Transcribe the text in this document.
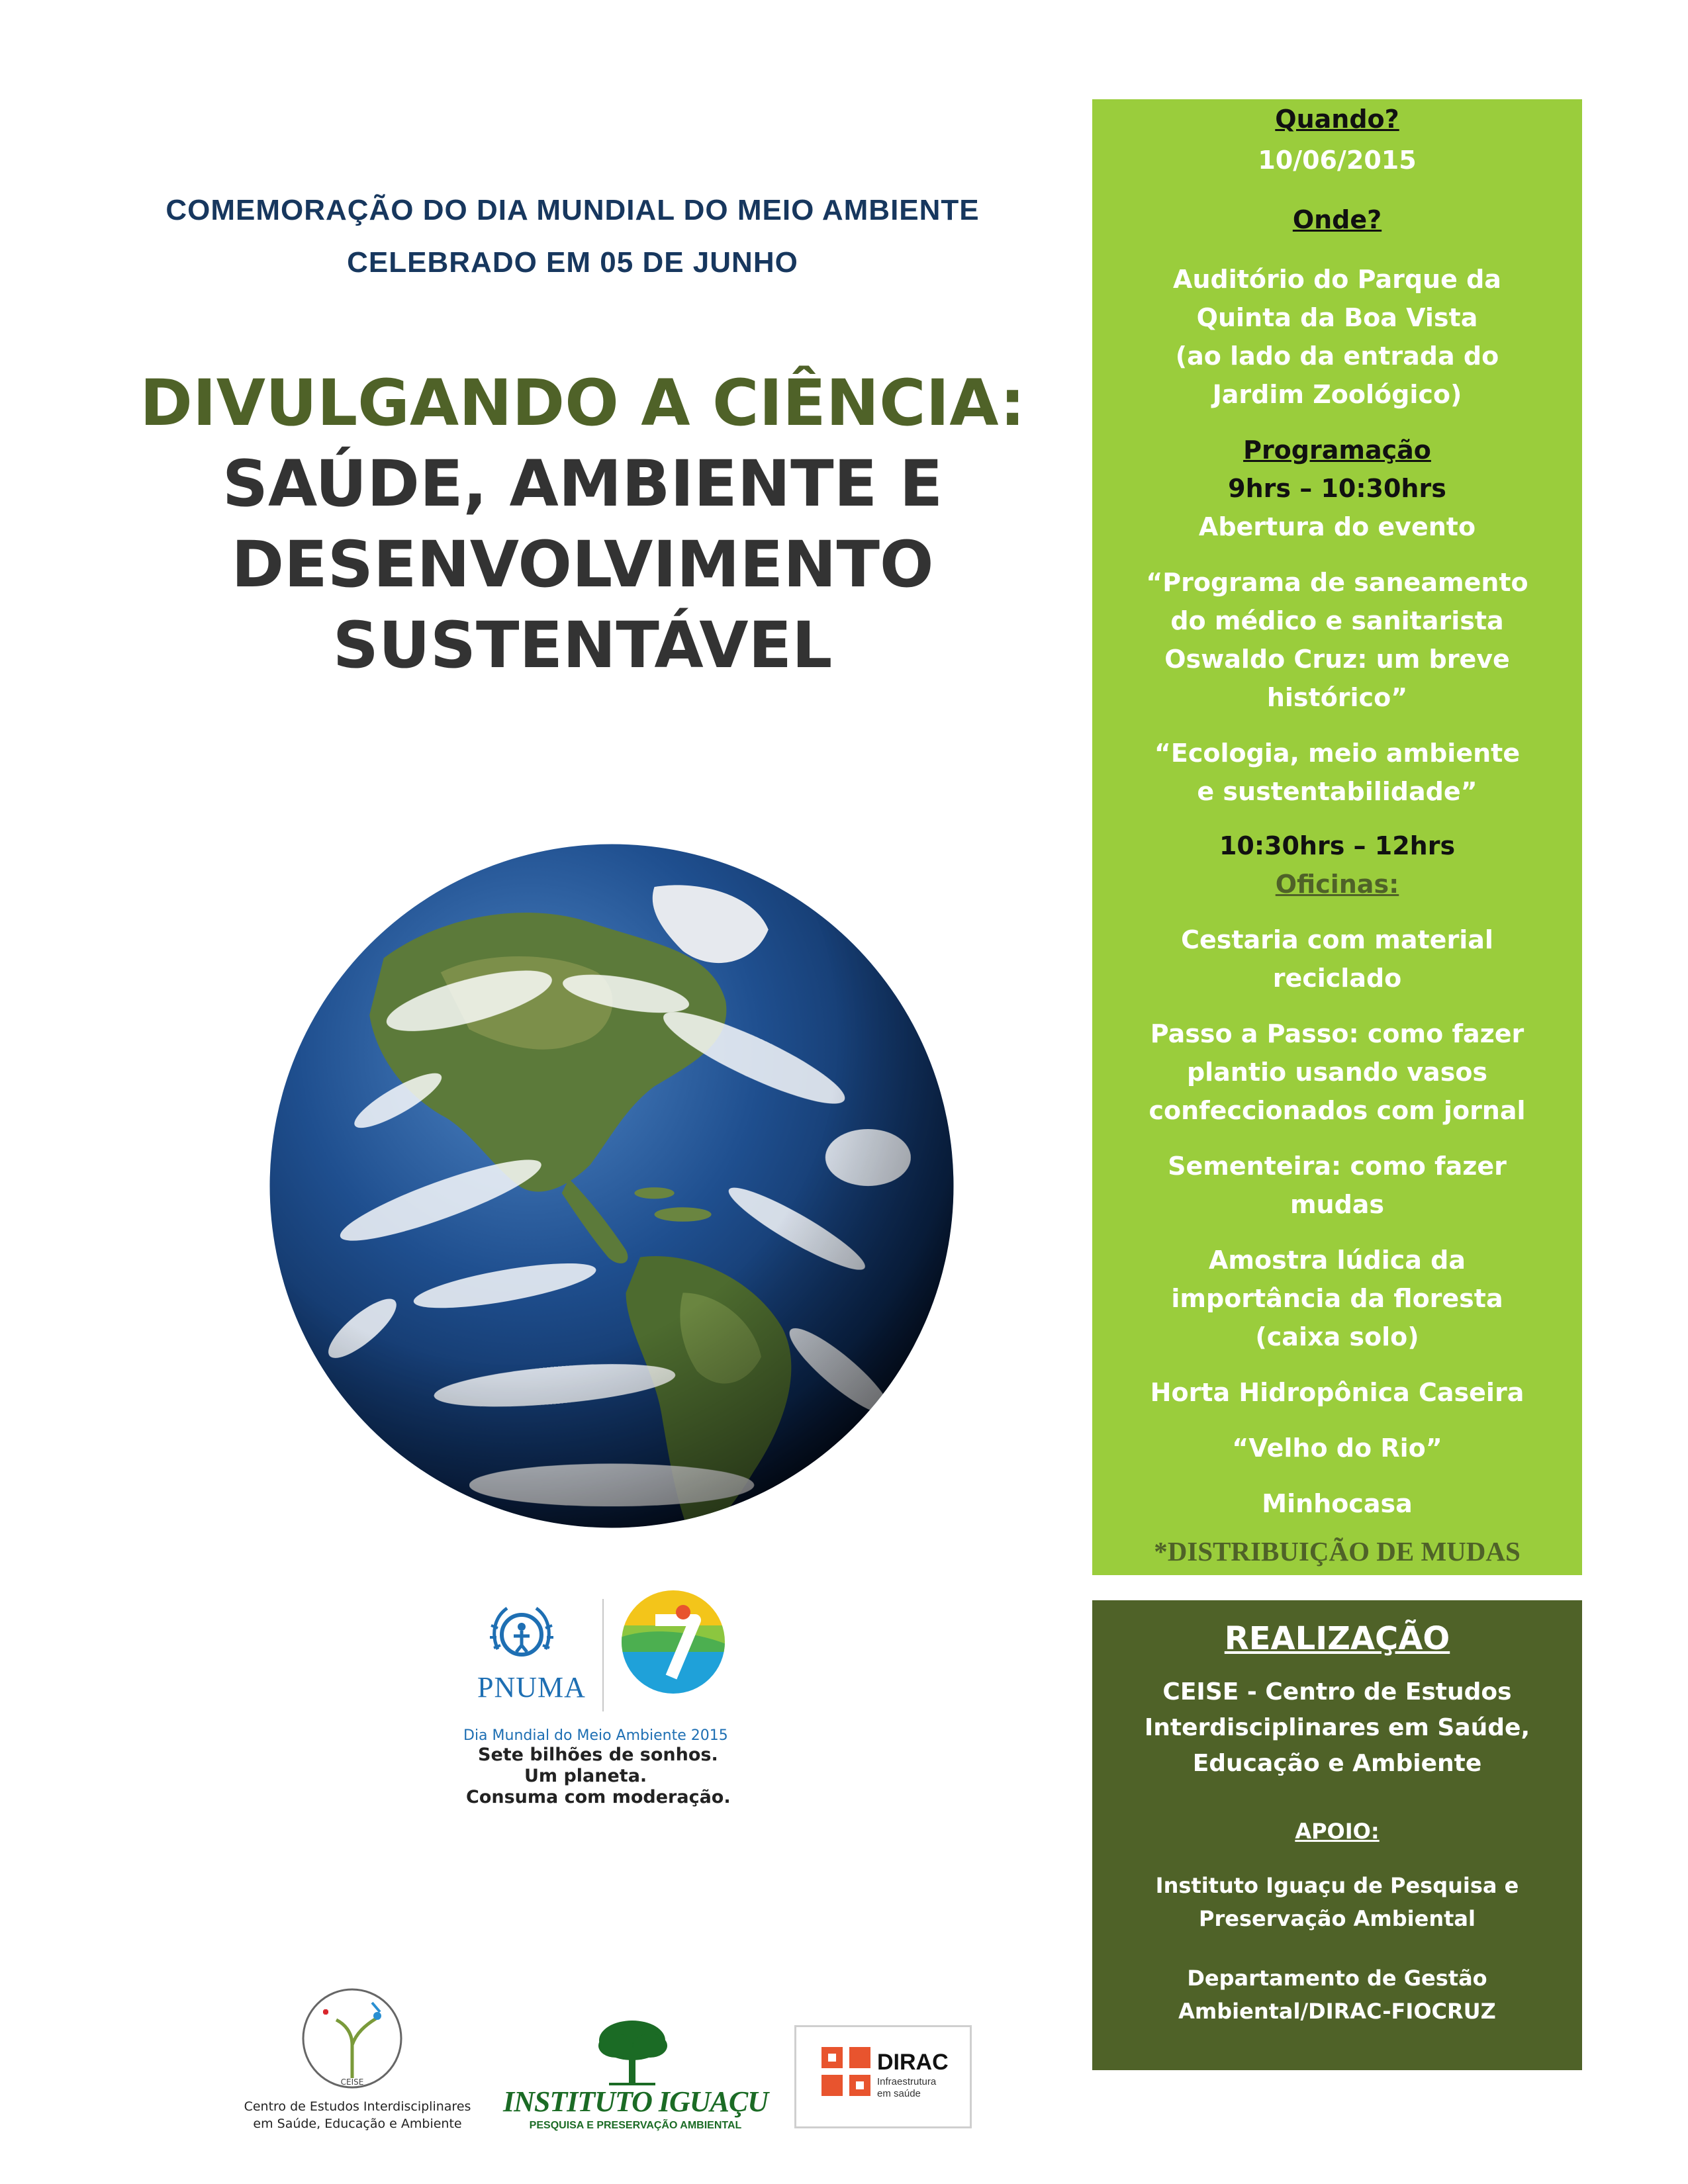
COMEMORAÇÃO DO DIA MUNDIAL DO MEIO AMBIENTE
CELEBRADO EM 05 DE JUNHO
DIVULGANDO A CIÊNCIA:
SAÚDE, AMBIENTE E
DESENVOLVIMENTO
SUSTENTÁVEL
PNUMA
Dia Mundial do Meio Ambiente 2015
Sete bilhões de sonhos.
Um planeta.
Consuma com moderação.
CEISE
Centro de Estudos Interdisciplinares
em Saúde, Educação e Ambiente
INSTITUTO IGUAÇU
PESQUISA E PRESERVAÇÃO AMBIENTAL
DIRAC
Infraestrutura
em saúde
Quando?
10/06/2015
Onde?
Auditório do Parque da
Quinta da Boa Vista
(ao lado da entrada do
Jardim Zoológico)
Programação
9hrs – 10:30hrs
Abertura do evento
“Programa de saneamento
do médico e sanitarista
Oswaldo Cruz: um breve
histórico”
“Ecologia, meio ambiente
e sustentabilidade”
10:30hrs – 12hrs
Oficinas:
Cestaria com material
reciclado
Passo a Passo: como fazer
plantio usando vasos
confeccionados com jornal
Sementeira: como fazer
mudas
Amostra lúdica da
importância da floresta
(caixa solo)
Horta Hidropônica Caseira
“Velho do Rio”
Minhocasa
*DISTRIBUIÇÃO DE MUDAS
REALIZAÇÃO
CEISE - Centro de Estudos
Interdisciplinares em Saúde,
Educação e Ambiente
APOIO:
Instituto Iguaçu de Pesquisa e
Preservação Ambiental
Departamento de Gestão
Ambiental/DIRAC-FIOCRUZ
